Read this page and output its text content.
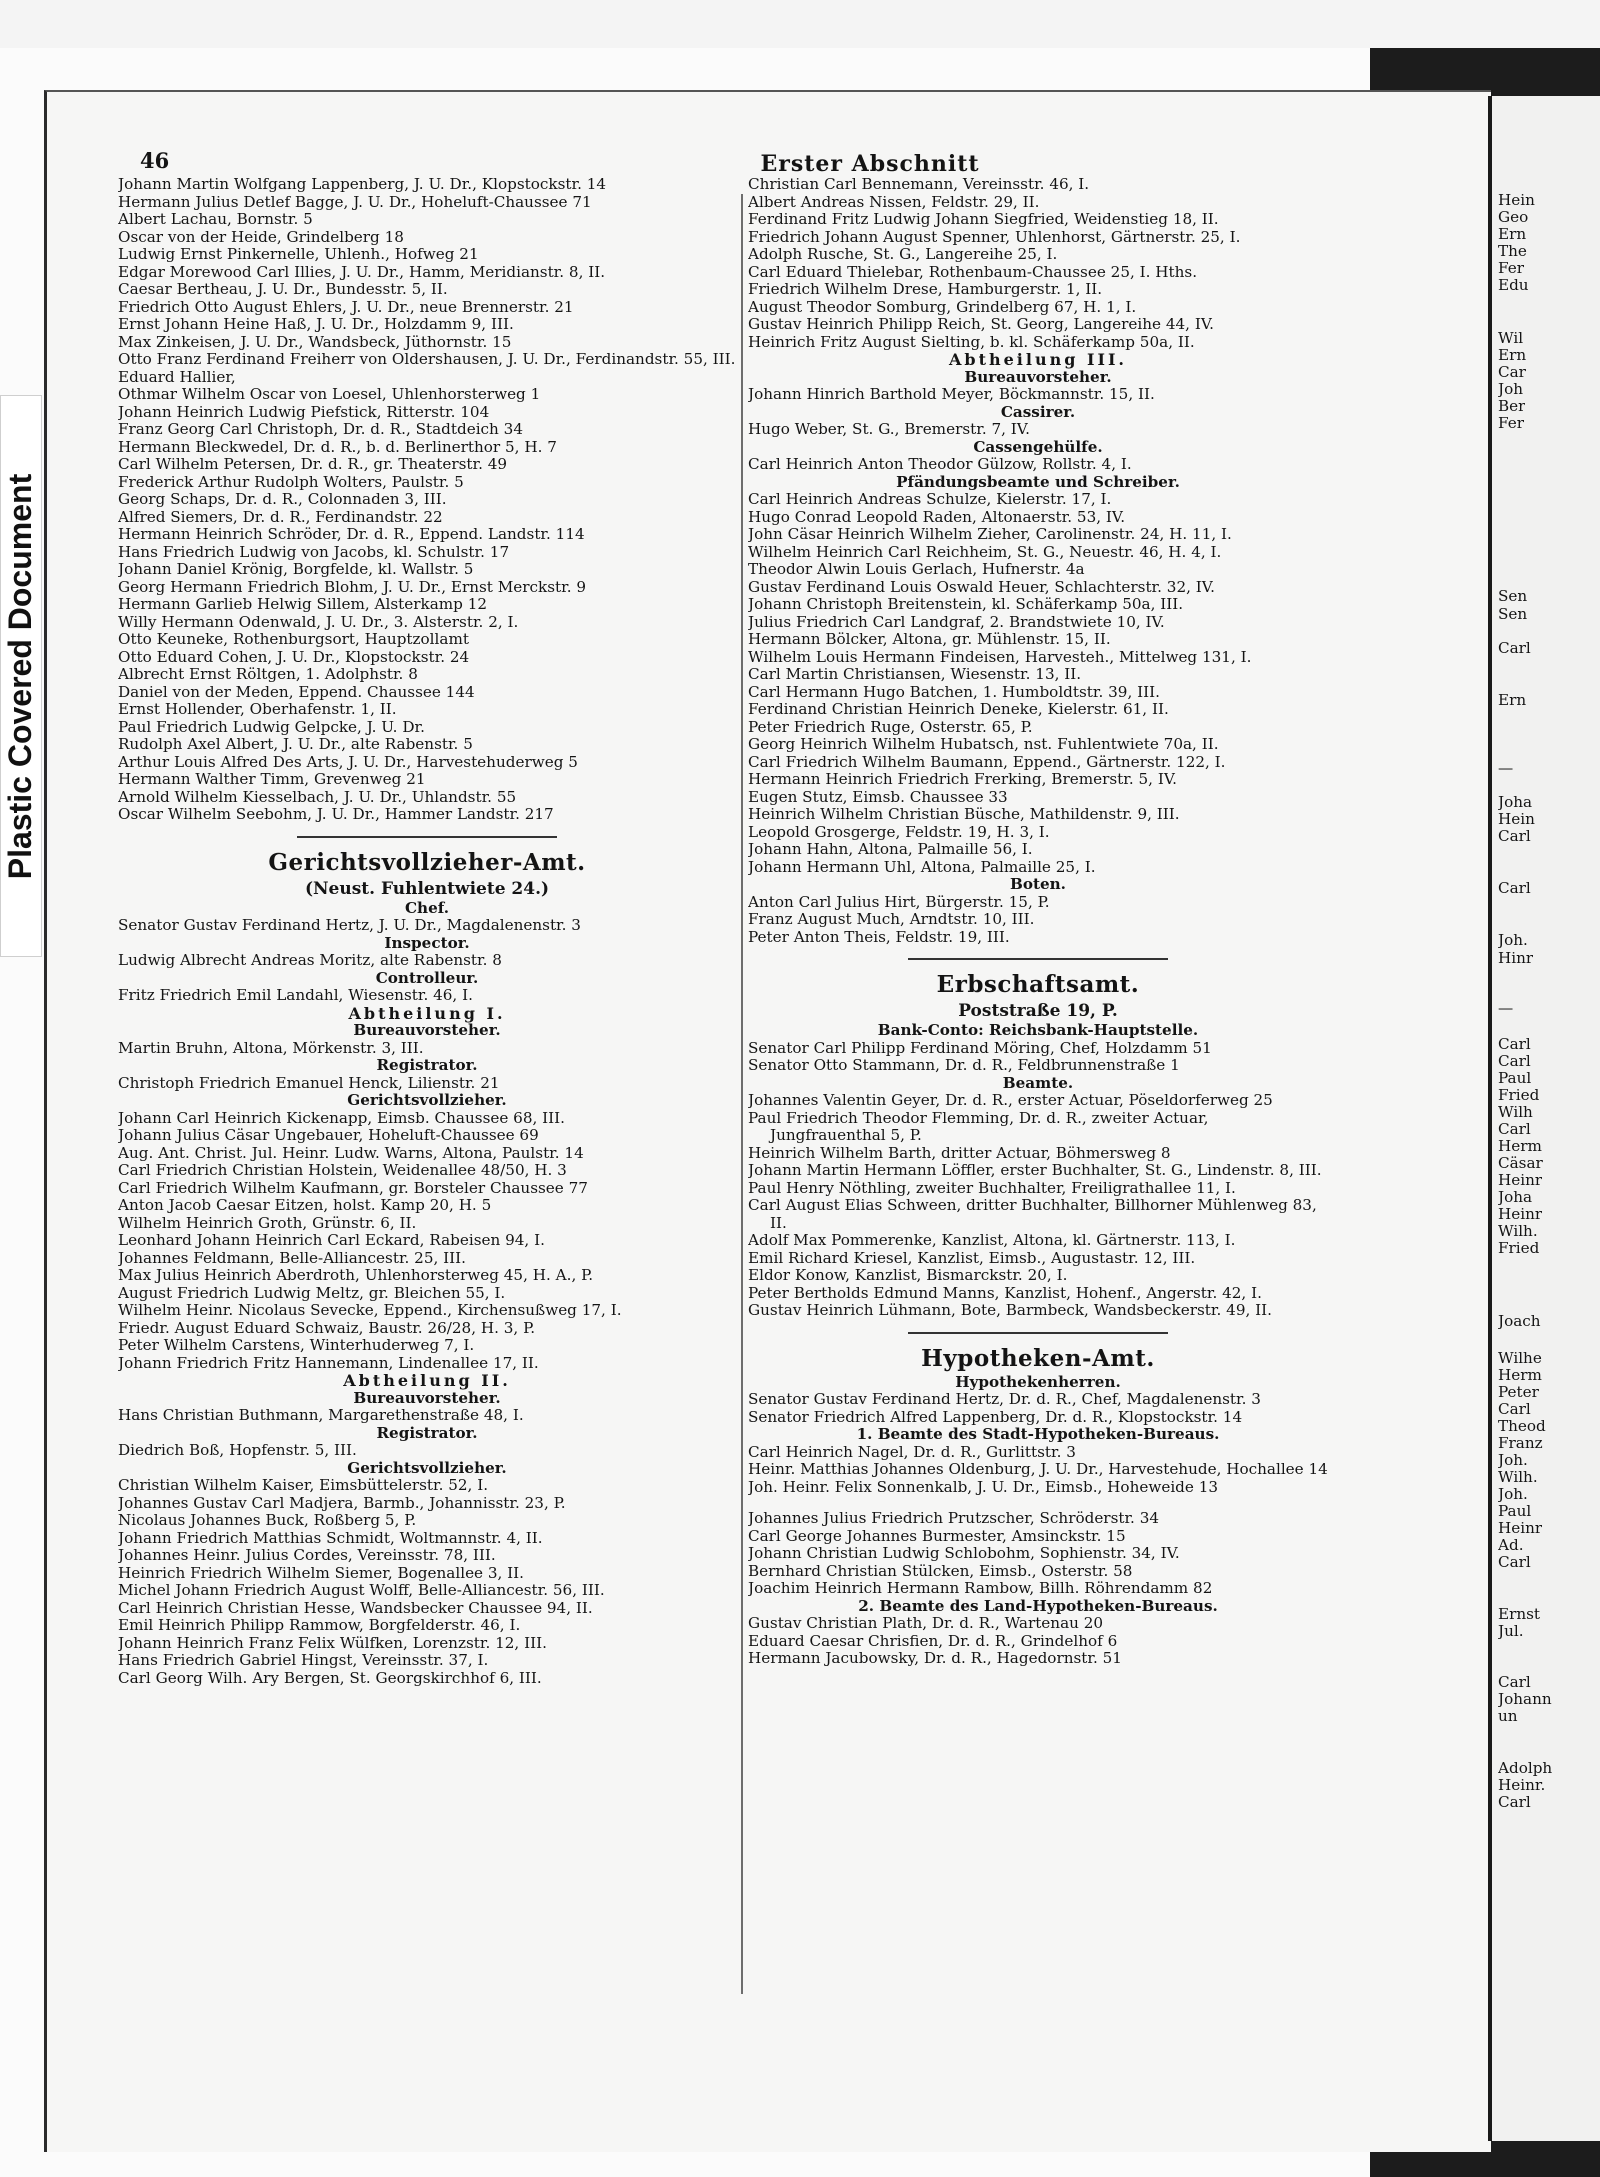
Plastic Covered Document
46	Erster Abschnitt
Johann Martin Wolfgang Lappenberg, J. U. Dr., Klopstockstr. 14
Hermann Julius Detlef Bagge, J. U. Dr., Hoheluft-Chaussee 71
Albert Lachau, Bornstr. 5
Oscar von der Heide, Grindelberg 18
Ludwig Ernst Pinkernelle, Uhlenh., Hofweg 21
Edgar Morewood Carl Illies, J. U. Dr., Hamm, Meridianstr. 8, II.
Caesar Bertheau, J. U. Dr., Bundesstr. 5, II.
Friedrich Otto August Ehlers, J. U. Dr., neue Brennerstr. 21
Ernst Johann Heine Haß, J. U. Dr., Holzdamm 9, III.
Max Zinkeisen, J. U. Dr., Wandsbeck, Jüthornstr. 15
Otto Franz Ferdinand Freiherr von Oldershausen, J. U. Dr., Ferdinandstr. 55, III.
Eduard Hallier,
Othmar Wilhelm Oscar von Loesel, Uhlenhorsterweg 1
Johann Heinrich Ludwig Piefstick, Ritterstr. 104
Franz Georg Carl Christoph, Dr. d. R., Stadtdeich 34
Hermann Bleckwedel, Dr. d. R., b. d. Berlinerthor 5, H. 7
Carl Wilhelm Petersen, Dr. d. R., gr. Theaterstr. 49
Frederick Arthur Rudolph Wolters, Paulstr. 5
Georg Schaps, Dr. d. R., Colonnaden 3, III.
Alfred Siemers, Dr. d. R., Ferdinandstr. 22
Hermann Heinrich Schröder, Dr. d. R., Eppend. Landstr. 114
Hans Friedrich Ludwig von Jacobs, kl. Schulstr. 17
Johann Daniel Krönig, Borgfelde, kl. Wallstr. 5
Georg Hermann Friedrich Blohm, J. U. Dr., Ernst Merckstr. 9
Hermann Garlieb Helwig Sillem, Alsterkamp 12
Willy Hermann Odenwald, J. U. Dr., 3. Alsterstr. 2, I.
Otto Keuneke, Rothenburgsort, Hauptzollamt
Otto Eduard Cohen, J. U. Dr., Klopstockstr. 24
Albrecht Ernst Röltgen, 1. Adolphstr. 8
Daniel von der Meden, Eppend. Chaussee 144
Ernst Hollender, Oberhafenstr. 1, II.
Paul Friedrich Ludwig Gelpcke, J. U. Dr.
Rudolph Axel Albert, J. U. Dr., alte Rabenstr. 5
Arthur Louis Alfred Des Arts, J. U. Dr., Harvestehuderweg 5
Hermann Walther Timm, Grevenweg 21
Arnold Wilhelm Kiesselbach, J. U. Dr., Uhlandstr. 55
Oscar Wilhelm Seebohm, J. U. Dr., Hammer Landstr. 217
Gerichtsvollzieher-Amt.
(Neust. Fuhlentwiete 24.)
Chef.
Senator Gustav Ferdinand Hertz, J. U. Dr., Magdalenenstr. 3
Inspector.
Ludwig Albrecht Andreas Moritz, alte Rabenstr. 8
Controlleur.
Fritz Friedrich Emil Landahl, Wiesenstr. 46, I.
Abtheilung I.
Bureauvorsteher.
Martin Bruhn, Altona, Mörkenstr. 3, III.
Registrator.
Christoph Friedrich Emanuel Henck, Lilienstr. 21
Gerichtsvollzieher.
Johann Carl Heinrich Kickenapp, Eimsb. Chaussee 68, III.
Johann Julius Cäsar Ungebauer, Hoheluft-Chaussee 69
Aug. Ant. Christ. Jul. Heinr. Ludw. Warns, Altona, Paulstr. 14
Carl Friedrich Christian Holstein, Weidenallee 48/50, H. 3
Carl Friedrich Wilhelm Kaufmann, gr. Borsteler Chaussee 77
Anton Jacob Caesar Eitzen, holst. Kamp 20, H. 5
Wilhelm Heinrich Groth, Grünstr. 6, II.
Leonhard Johann Heinrich Carl Eckard, Rabeisen 94, I.
Johannes Feldmann, Belle-Alliancestr. 25, III.
Max Julius Heinrich Aberdroth, Uhlenhorsterweg 45, H. A., P.
August Friedrich Ludwig Meltz, gr. Bleichen 55, I.
Wilhelm Heinr. Nicolaus Sevecke, Eppend., Kirchensußweg 17, I.
Friedr. August Eduard Schwaiz, Baustr. 26/28, H. 3, P.
Peter Wilhelm Carstens, Winterhuderweg 7, I.
Johann Friedrich Fritz Hannemann, Lindenallee 17, II.
Abtheilung II.
Bureauvorsteher.
Hans Christian Buthmann, Margarethenstraße 48, I.
Registrator.
Diedrich Boß, Hopfenstr. 5, III.
Gerichtsvollzieher.
Christian Wilhelm Kaiser, Eimsbüttelerstr. 52, I.
Johannes Gustav Carl Madjera, Barmb., Johannisstr. 23, P.
Nicolaus Johannes Buck, Roßberg 5, P.
Johann Friedrich Matthias Schmidt, Woltmannstr. 4, II.
Johannes Heinr. Julius Cordes, Vereinsstr. 78, III.
Heinrich Friedrich Wilhelm Siemer, Bogenallee 3, II.
Michel Johann Friedrich August Wolff, Belle-Alliancestr. 56, III.
Carl Heinrich Christian Hesse, Wandsbecker Chaussee 94, II.
Emil Heinrich Philipp Rammow, Borgfelderstr. 46, I.
Johann Heinrich Franz Felix Wülfken, Lorenzstr. 12, III.
Hans Friedrich Gabriel Hingst, Vereinsstr. 37, I.
Carl Georg Wilh. Ary Bergen, St. Georgskirchhof 6, III.
Christian Carl Bennemann, Vereinsstr. 46, I.
Albert Andreas Nissen, Feldstr. 29, II.
Ferdinand Fritz Ludwig Johann Siegfried, Weidenstieg 18, II.
Friedrich Johann August Spenner, Uhlenhorst, Gärtnerstr. 25, I.
Adolph Rusche, St. G., Langereihe 25, I.
Carl Eduard Thielebar, Rothenbaum-Chaussee 25, I. Hths.
Friedrich Wilhelm Drese, Hamburgerstr. 1, II.
August Theodor Somburg, Grindelberg 67, H. 1, I.
Gustav Heinrich Philipp Reich, St. Georg, Langereihe 44, IV.
Heinrich Fritz August Sielting, b. kl. Schäferkamp 50a, II.
Abtheilung III.
Bureauvorsteher.
Johann Hinrich Barthold Meyer, Böckmannstr. 15, II.
Cassirer.
Hugo Weber, St. G., Bremerstr. 7, IV.
Cassengehülfe.
Carl Heinrich Anton Theodor Gülzow, Rollstr. 4, I.
Pfändungsbeamte und Schreiber.
Carl Heinrich Andreas Schulze, Kielerstr. 17, I.
Hugo Conrad Leopold Raden, Altonaerstr. 53, IV.
John Cäsar Heinrich Wilhelm Zieher, Carolinenstr. 24, H. 11, I.
Wilhelm Heinrich Carl Reichheim, St. G., Neuestr. 46, H. 4, I.
Theodor Alwin Louis Gerlach, Hufnerstr. 4a
Gustav Ferdinand Louis Oswald Heuer, Schlachterstr. 32, IV.
Johann Christoph Breitenstein, kl. Schäferkamp 50a, III.
Julius Friedrich Carl Landgraf, 2. Brandstwiete 10, IV.
Hermann Bölcker, Altona, gr. Mühlenstr. 15, II.
Wilhelm Louis Hermann Findeisen, Harvesteh., Mittelweg 131, I.
Carl Martin Christiansen, Wiesenstr. 13, II.
Carl Hermann Hugo Batchen, 1. Humboldtstr. 39, III.
Ferdinand Christian Heinrich Deneke, Kielerstr. 61, II.
Peter Friedrich Ruge, Osterstr. 65, P.
Georg Heinrich Wilhelm Hubatsch, nst. Fuhlentwiete 70a, II.
Carl Friedrich Wilhelm Baumann, Eppend., Gärtnerstr. 122, I.
Hermann Heinrich Friedrich Frerking, Bremerstr. 5, IV.
Eugen Stutz, Eimsb. Chaussee 33
Heinrich Wilhelm Christian Büsche, Mathildenstr. 9, III.
Leopold Grosgerge, Feldstr. 19, H. 3, I.
Johann Hahn, Altona, Palmaille 56, I.
Johann Hermann Uhl, Altona, Palmaille 25, I.
Boten.
Anton Carl Julius Hirt, Bürgerstr. 15, P.
Franz August Much, Arndtstr. 10, III.
Peter Anton Theis, Feldstr. 19, III.
Erbschaftsamt.
Poststraße 19, P.
Bank-Conto: Reichsbank-Hauptstelle.
Senator Carl Philipp Ferdinand Möring, Chef, Holzdamm 51
Senator Otto Stammann, Dr. d. R., Feldbrunnenstraße 1
Beamte.
Johannes Valentin Geyer, Dr. d. R., erster Actuar, Pöseldorferweg 25
Paul Friedrich Theodor Flemming, Dr. d. R., zweiter Actuar, Jungfrauenthal 5, P.
Heinrich Wilhelm Barth, dritter Actuar, Böhmersweg 8
Johann Martin Hermann Löffler, erster Buchhalter, St. G., Lindenstr. 8, III.
Paul Henry Nöthling, zweiter Buchhalter, Freiligrathallee 11, I.
Carl August Elias Schween, dritter Buchhalter, Billhorner Mühlenweg 83, II.
Adolf Max Pommerenke, Kanzlist, Altona, kl. Gärtnerstr. 113, I.
Emil Richard Kriesel, Kanzlist, Eimsb., Augustastr. 12, III.
Eldor Konow, Kanzlist, Bismarckstr. 20, I.
Peter Bertholds Edmund Manns, Kanzlist, Hohenf., Angerstr. 42, I.
Gustav Heinrich Lühmann, Bote, Barmbeck, Wandsbeckerstr. 49, II.
Hypotheken-Amt.
Hypothekenherren.
Senator Gustav Ferdinand Hertz, Dr. d. R., Chef, Magdalenenstr. 3
Senator Friedrich Alfred Lappenberg, Dr. d. R., Klopstockstr. 14
1. Beamte des Stadt-Hypotheken-Bureaus.
Carl Heinrich Nagel, Dr. d. R., Gurlittstr. 3
Heinr. Matthias Johannes Oldenburg, J. U. Dr., Harvestehude, Hochallee 14
Joh. Heinr. Felix Sonnenkalb, J. U. Dr., Eimsb., Hoheweide 13
Johannes Julius Friedrich Prutzscher, Schröderstr. 34
Carl George Johannes Burmester, Amsinckstr. 15
Johann Christian Ludwig Schlobohm, Sophienstr. 34, IV.
Bernhard Christian Stülcken, Eimsb., Osterstr. 58
Joachim Heinrich Hermann Rambow, Billh. Röhrendamm 82
2. Beamte des Land-Hypotheken-Bureaus.
Gustav Christian Plath, Dr. d. R., Wartenau 20
Eduard Caesar Chrisfien, Dr. d. R., Grindelhof 6
Hermann Jacubowsky, Dr. d. R., Hagedornstr. 51
Hein
Geo
Ern
The
Fer
Edu
Wil
Ern
Car
Joh
Ber
Fer
Sen
Sen
Carl
Ern
—
Joha
Hein
Carl
Carl
Joh.
Hinr
—
Carl
Carl
Paul
Fried
Wilh
Carl
Herm
Cäsar
Heinr
Joha
Heinr
Wilh.
Fried
Joach
Wilhe
Herm
Peter
Carl
Theod
Franz
Joh.
Wilh.
Joh.
Paul
Heinr
Ad.
Carl
Ernst
Jul.
Carl
Johann
un
Adolph
Heinr.
Carl
